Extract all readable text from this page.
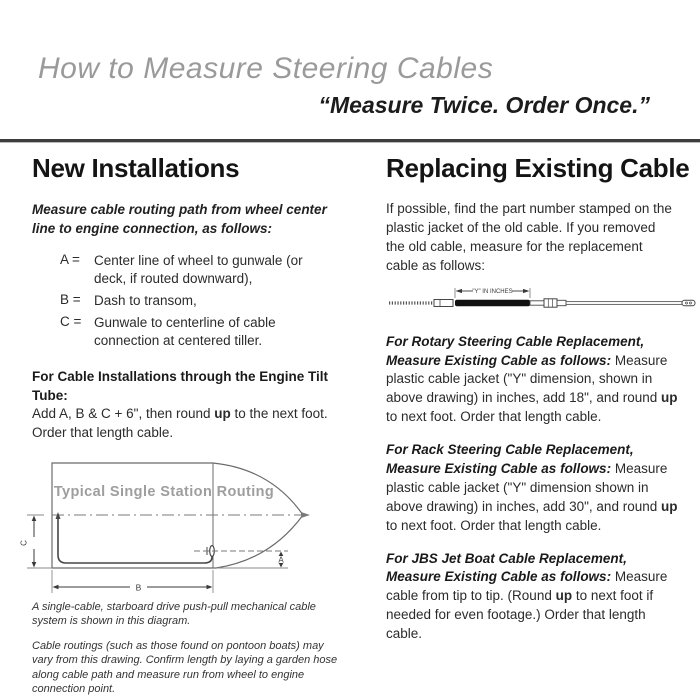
How to Measure Steering Cables
“Measure Twice. Order Once.”
New Installations
Measure cable routing path from wheel center line to engine connection, as follows:
A =	Center line of wheel to gunwale (or deck, if routed downward),
B = Dash to transom,
C = Gunwale to centerline of cable connection at centered tiller.
For Cable Installations through the Engine Tilt Tube:
Add A, B & C + 6", then round up to the next foot. Order that length cable.
Typical Single Station Routing
A
C
B
A single-cable, starboard drive push-pull mechanical cable system is shown in this diagram.
Cable routings (such as those found on pontoon boats) may vary from this drawing. Confirm length by laying a garden hose along cable path and measure run from wheel to engine connection point.
Replacing Existing Cable
If possible, find the part number stamped on the plastic jacket of the old cable. If you removed the old cable, measure for the replacement cable as follows:
"Y" IN INCHES
For Rotary Steering Cable Replacement, Measure Existing Cable as follows: Measure plastic cable jacket ("Y" dimension, shown in above drawing) in inches, add 18", and round up to next foot. Order that length cable.
For Rack Steering Cable Replacement, Measure Existing Cable as follows: Measure plastic cable jacket ("Y" dimension shown in above drawing) in inches, add 30", and round up to next foot. Order that length cable.
For JBS Jet Boat Cable Replacement, Measure Existing Cable as follows: Measure cable from tip to tip. (Round up to next foot if needed for even footage.) Order that length cable.
